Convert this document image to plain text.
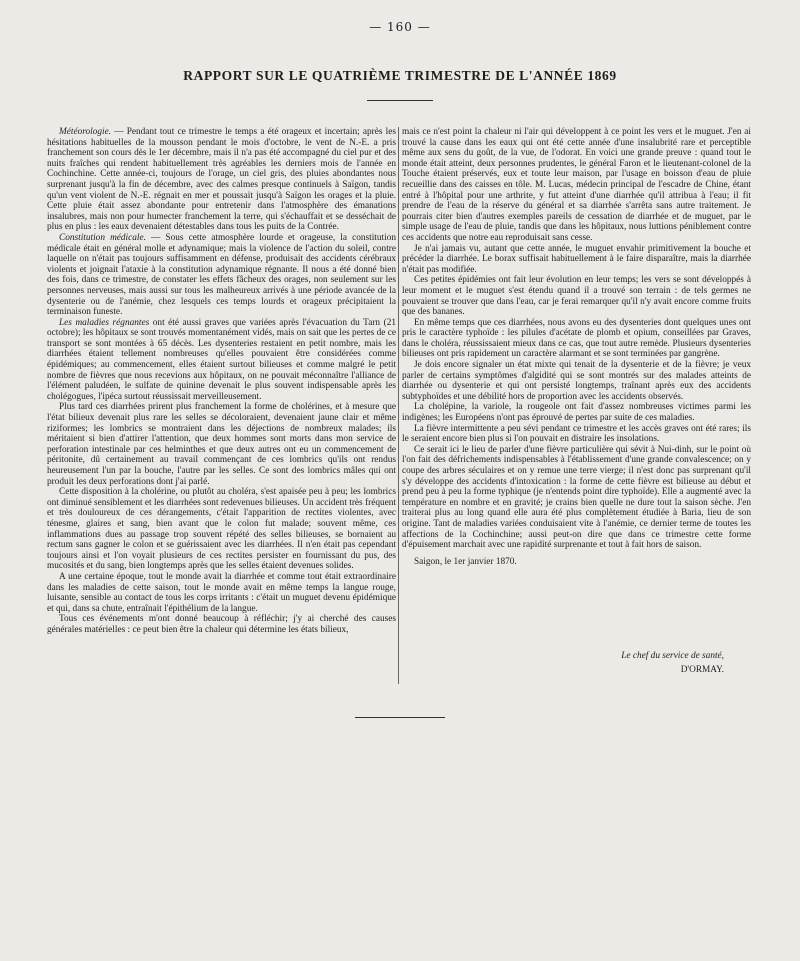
— 160 —
RAPPORT SUR LE QUATRIÈME TRIMESTRE DE L'ANNÉE 1869

Météorologie. — Pendant tout ce trimestre le temps a été orageux et incertain; après les hésitations habituelles de la mousson pendant le mois d'octobre, le vent de N.-E. a pris franchement son cours dès le 1er décembre, mais il n'a pas été accompagné du ciel pur et des nuits fraîches qui rendent habituellement très agréables les derniers mois de l'année en Cochinchine. Cette année-ci, toujours de l'orage, un ciel gris, des pluies abondantes nous surprenant jusqu'à la fin de décembre, avec des calmes presque continuels à Saïgon, tandis qu'un vent violent de N.-E. régnait en mer et poussait jusqu'à Saïgon les orages et la pluie. Cette pluie était assez abondante pour entretenir dans l'atmosphère des émanations insalubres, mais non pour humecter franchement la terre, qui s'échauffait et se desséchait de plus en plus : les eaux devenaient détestables dans tous les puits de la Contrée.

Constitution médicale. — Sous cette atmosphère lourde et orageuse, la constitution médicale était en général molle et adynamique; mais la violence de l'action du soleil, contre laquelle on n'était pas toujours suffisamment en défense, produisait des accidents cérébraux violents et joignait l'ataxie à la constitution adynamique régnante. Il nous a été donné bien des fois, dans ce trimestre, de constater les effets fâcheux des orages, non seulement sur les personnes nerveuses, mais aussi sur tous les malheureux arrivés à une période avancée de la dysenterie ou de l'anémie, chez lesquels ces temps lourds et orageux précipitaient la terminaison funeste.

Les maladies régnantes ont été aussi graves que variées après l'évacuation du Tarn (21 octobre); les hôpitaux se sont trouvés momentanément vidés, mais on sait que les pertes de ce transport se sont montées à 65 décès. Les dysenteries restaient en petit nombre, mais les diarrhées étaient tellement nombreuses qu'elles pouvaient être considérées comme épidémiques; au commencement, elles étaient surtout bilieuses et comme malgré le petit nombre de fièvres que nous recevions aux hôpitaux, on ne pouvait méconnaître l'alliance de l'élément paludéen, le sulfate de quinine devenait le plus souvent indispensable après les cholégogues, l'ipéca surtout réussissait merveilleusement.

Plus tard ces diarrhées prirent plus franchement la forme de cholérines, et à mesure que l'état bilieux devenait plus rare les selles se décoloraient, devenaient jaune clair et même riziformes; les lombrics se montraient dans les déjections de nombreux malades; ils méritaient si bien d'attirer l'attention, que deux hommes sont morts dans mon service de perforation intestinale par ces helminthes et que deux autres ont eu un commencement de péritonite, dû certainement au travail commençant de ces lombrics qu'ils ont rendus heureusement l'un par la bouche, l'autre par les selles. Ce sont des lombrics mâles qui ont produit les deux perforations dont j'ai parlé.

Cette disposition à la cholérine, ou plutôt au choléra, s'est apaisée peu à peu; les lombrics ont diminué sensiblement et les diarrhées sont redevenues bilieuses. Un accident très fréquent et très douloureux de ces dérangements, c'était l'apparition de rectites violentes, avec ténesme, glaires et sang, bien avant que le colon fut malade; souvent même, ces inflammations dues au passage trop souvent répété des selles bilieuses, se bornaient au rectum sans gagner le colon et se guérissaient avec les diarrhées. Il n'en était pas cependant toujours ainsi et l'on voyait plusieurs de ces rectites persister en fournissant du pus, des mucosités et du sang, bien longtemps après que les selles étaient devenues solides.

A une certaine époque, tout le monde avait la diarrhée et comme tout était extraordinaire dans les maladies de cette saison, tout le monde avait en même temps la langue rouge, luisante, sensible au contact de tous les corps irritants : c'était un muguet devenu épidémique et qui, dans sa chute, entraînait l'épithélium de la langue.

Tous ces événements m'ont donné beaucoup à réfléchir; j'y ai cherché des causes générales matérielles : ce peut bien être la chaleur qui détermine les états bilieux,

mais ce n'est point la chaleur ni l'air qui développent à ce point les vers et le muguet. J'en ai trouvé la cause dans les eaux qui ont été cette année d'une insalubrité rare et perceptible même aux sens du goût, de la vue, de l'odorat. En voici une grande preuve : quand tout le monde était atteint, deux personnes prudentes, le général Faron et le lieutenant-colonel de la Touche étaient préservés, eux et toute leur maison, par l'usage en boisson d'eau de pluie recueillie dans des caisses en tôle. M. Lucas, médecin principal de l'escadre de Chine, étant entré à l'hôpital pour une arthrite, y fut atteint d'une diarrhée qu'il attribua à l'eau; il fit prendre de l'eau de la réserve du général et sa diarrhée s'arrêta sans autre traitement. Je pourrais citer bien d'autres exemples pareils de cessation de diarrhée et de muguet, par le simple usage de l'eau de pluie, tandis que dans les hôpitaux, nous luttions péniblement contre ces accidents que notre eau reproduisait sans cesse.

Je n'ai jamais vu, autant que cette année, le muguet envahir primitivement la bouche et précéder la diarrhée. Le borax suffisait habituellement à le faire disparaître, mais la diarrhée n'était pas modifiée.

Ces petites épidémies ont fait leur évolution en leur temps; les vers se sont développés à leur moment et le muguet s'est étendu quand il a trouvé son terrain : de tels germes ne pouvaient se trouver que dans l'eau, car je ferai remarquer qu'il n'y avait encore comme fruits que des bananes.

En même temps que ces diarrhées, nous avons eu des dysenteries dont quelques unes ont pris le caractère typhoïde : les pilules d'acétate de plomb et opium, conseillées par Graves, dans le choléra, réussissaient mieux dans ce cas, que tout autre remède. Plusieurs dysenteries bilieuses ont pris rapidement un caractère alarmant et se sont terminées par gangrène.

Je dois encore signaler un état mixte qui tenait de la dysenterie et de la fièvre; je veux parler de certains symptômes d'algidité qui se sont montrés sur des malades atteints de diarrhée ou dysenterie et qui ont persisté longtemps, traînant après eux des accidents subtyphoïdes et une débilité hors de proportion avec les accidents observés.

La choléрine, la variole, la rougeole ont fait d'assez nombreuses victimes parmi les indigènes; les Européens n'ont pas éprouvé de pertes par suite de ces maladies.

La fièvre intermittente a peu sévi pendant ce trimestre et les accès graves ont été rares; ils le seraient encore bien plus si l'on pouvait en distraire les insolations.

Ce serait ici le lieu de parler d'une fièvre particulière qui sévit à Nui-dinh, sur le point où l'on fait des défrichements indispensables à l'établissement d'une grande convalescence; on y coupe des arbres séculaires et on y remue une terre vierge; il n'est donc pas surprenant qu'il s'y développe des accidents d'intoxication : la forme de cette fièvre est bilieuse au début et prend peu à peu la forme typhique (je n'entends point dire typhoïde). Elle a augmenté avec la température en nombre et en gravité; je crains bien quelle ne dure tout la saison sèche. J'en traiterai plus au long quand elle aura été plus complètement étudiée à Baria, lieu de son origine. Tant de maladies variées conduisaient vite à l'anémie, ce dernier terme de toutes les affections de la Cochinchine; aussi peut-on dire que dans ce trimestre cette forme d'épuisement marchait avec une rapidité surprenante et tout à fait hors de saison.

Saigon, le 1er janvier 1870.

Le chef du service de santé,
D'ORMAY.
